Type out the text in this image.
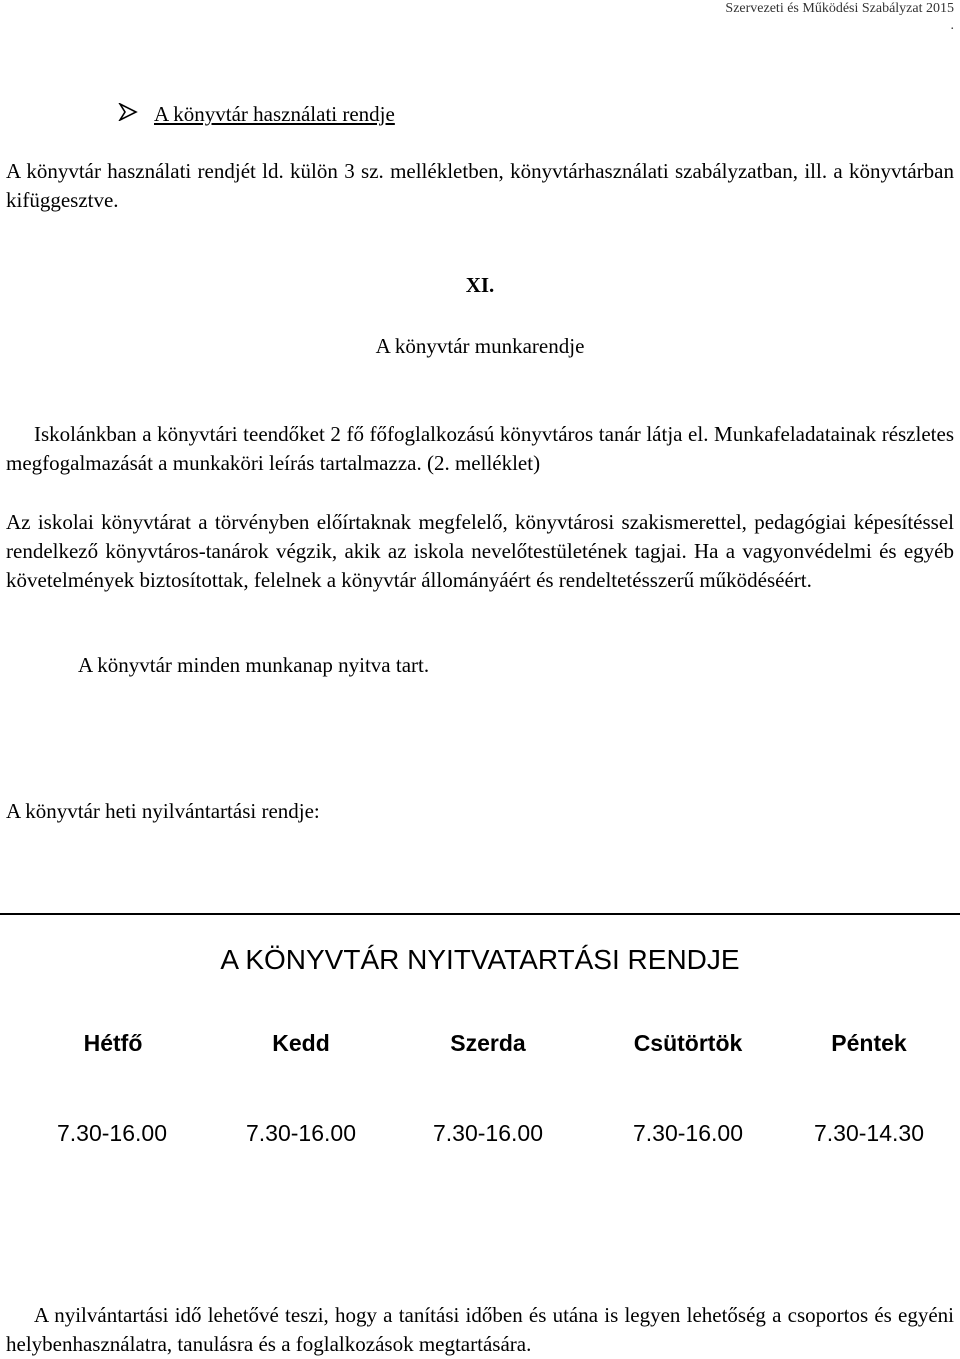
Szervezeti és Működési Szabályzat 2015
.
A könyvtár használati rendje
A könyvtár használati rendjét ld. külön 3 sz. mellékletben, könyvtárhasználati szabályzatban, ill. a könyvtárban kifüggesztve.
XI.
A könyvtár munkarendje
Iskolánkban a könyvtári teendőket 2 fő főfoglalkozású könyvtáros tanár látja el. Munkafeladatainak részletes megfogalmazását a munkaköri leírás tartalmazza. (2. melléklet)
Az iskolai könyvtárat a törvényben előírtaknak megfelelő, könyvtárosi szakismerettel, pedagógiai képesítéssel rendelkező könyvtáros-tanárok végzik, akik az iskola nevelőtestületének tagjai. Ha a vagyonvédelmi és egyéb követelmények biztosítottak, felelnek a könyvtár állományáért és rendeltetésszerű működéséért.
A könyvtár minden munkanap nyitva tart.
A könyvtár heti nyilvántartási rendje:
A KÖNYVTÁR NYITVATARTÁSI RENDJE
Hétfő	Kedd	Szerda	Csütörtök	Péntek
7.30-16.00	7.30-16.00	7.30-16.00	7.30-16.00	7.30-14.30
A nyilvántartási idő lehetővé teszi, hogy a tanítási időben és utána is legyen lehetőség a csoportos és egyéni helybenhasználatra, tanulásra és a foglalkozások megtartására.
